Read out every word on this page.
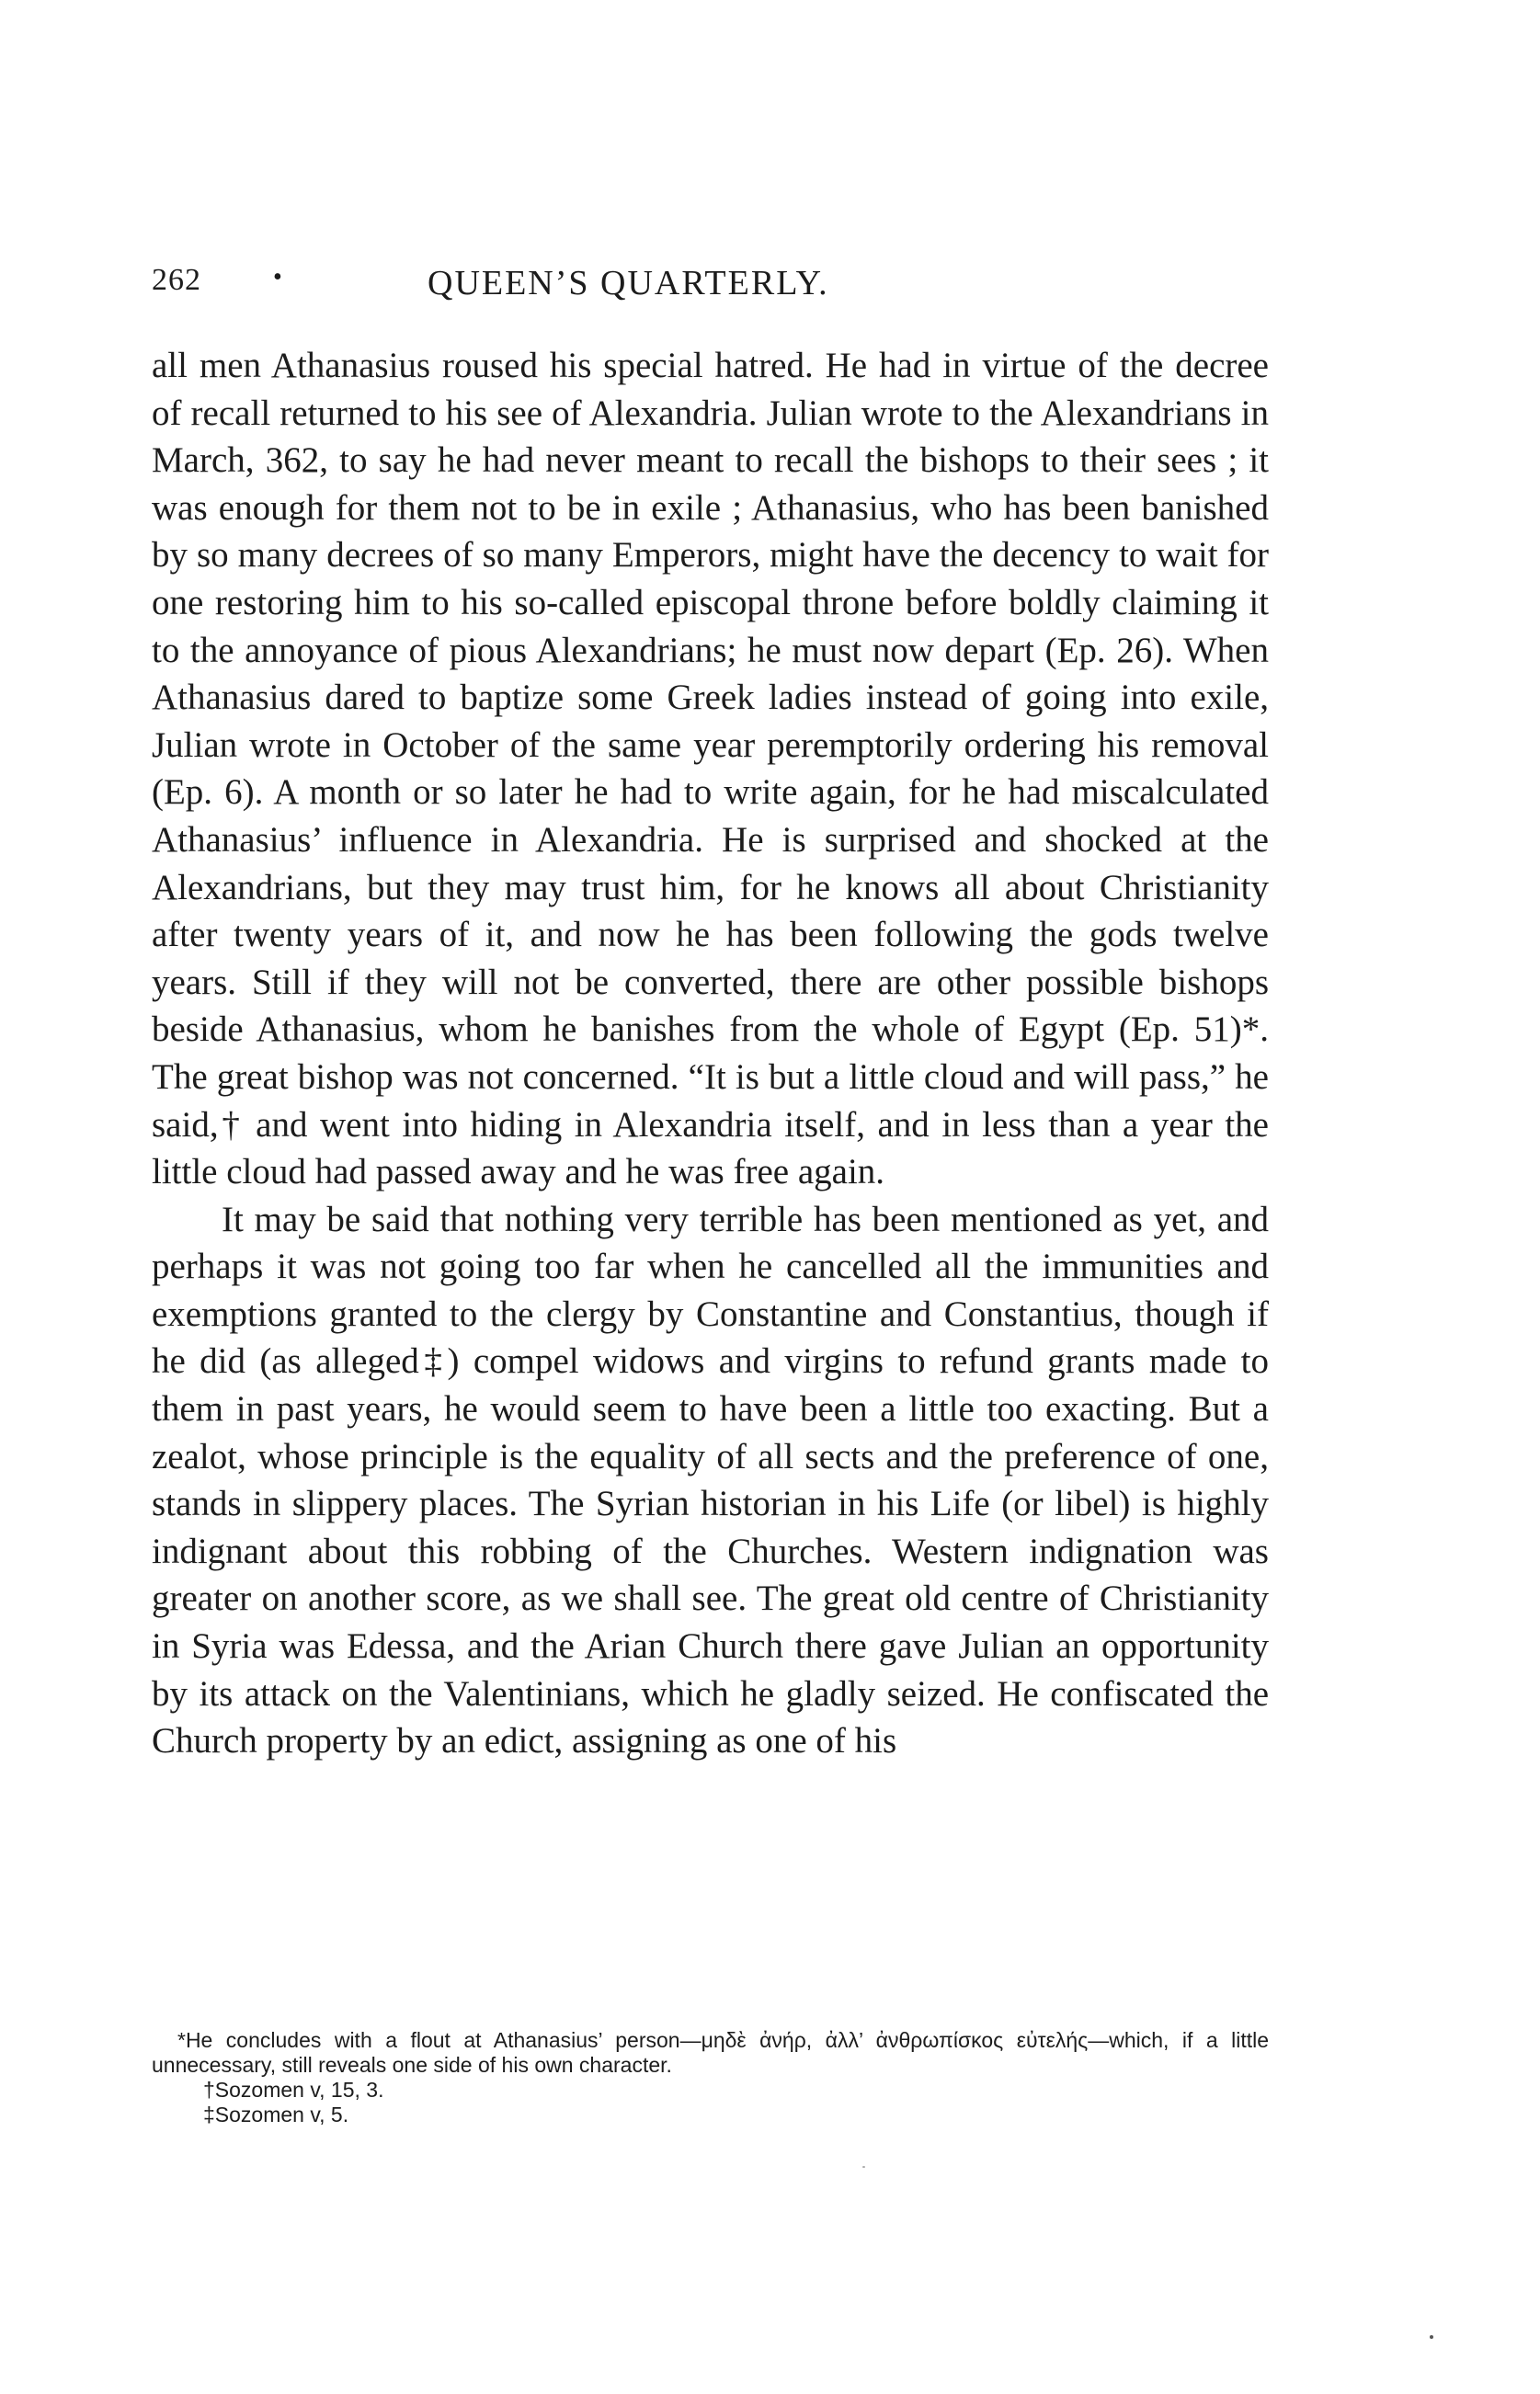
262	•	QUEEN’S QUARTERLY.

all men Athanasius roused his special hatred. He had in virtue of the decree of recall returned to his see of Alexandria. Julian wrote to the Alexandrians in March, 362, to say he had never meant to recall the bishops to their sees ; it was enough for them not to be in exile ; Athanasius, who has been banished by so many decrees of so many Emperors, might have the decency to wait for one restoring him to his so-called episcopal throne before boldly claiming it to the annoyance of pious Alexandrians; he must now depart (Ep. 26). When Athanasius dared to baptize some Greek ladies instead of going into exile, Julian wrote in October of the same year peremptorily ordering his removal (Ep. 6). A month or so later he had to write again, for he had miscalculated Athanasius’ influence in Alexandria. He is surprised and shocked at the Alexandrians, but they may trust him, for he knows all about Christianity after twenty years of it, and now he has been following the gods twelve years. Still if they will not be converted, there are other possible bishops beside Athanasius, whom he banishes from the whole of Egypt (Ep. 51)*. The great bishop was not concerned. “It is but a little cloud and will pass,” he said,† and went into hiding in Alexandria itself, and in less than a year the little cloud had passed away and he was free again.

It may be said that nothing very terrible has been mentioned as yet, and perhaps it was not going too far when he cancelled all the immunities and exemptions granted to the clergy by Constantine and Constantius, though if he did (as alleged‡) compel widows and virgins to refund grants made to them in past years, he would seem to have been a little too exacting. But a zealot, whose principle is the equality of all sects and the preference of one, stands in slippery places. The Syrian historian in his Life (or libel) is highly indignant about this robbing of the Churches. Western indignation was greater on another score, as we shall see. The great old centre of Christianity in Syria was Edessa, and the Arian Church there gave Julian an opportunity by its attack on the Valentinians, which he gladly seized. He confiscated the Church property by an edict, assigning as one of his

*He concludes with a flout at Athanasius’ person—μηδὲ ἀνήρ, ἀλλ’ ἀνθρωπίσκος εὐτελής—which, if a little unnecessary, still reveals one side of his own character.

†Sozomen v, 15, 3.

‡Sozomen v, 5.
